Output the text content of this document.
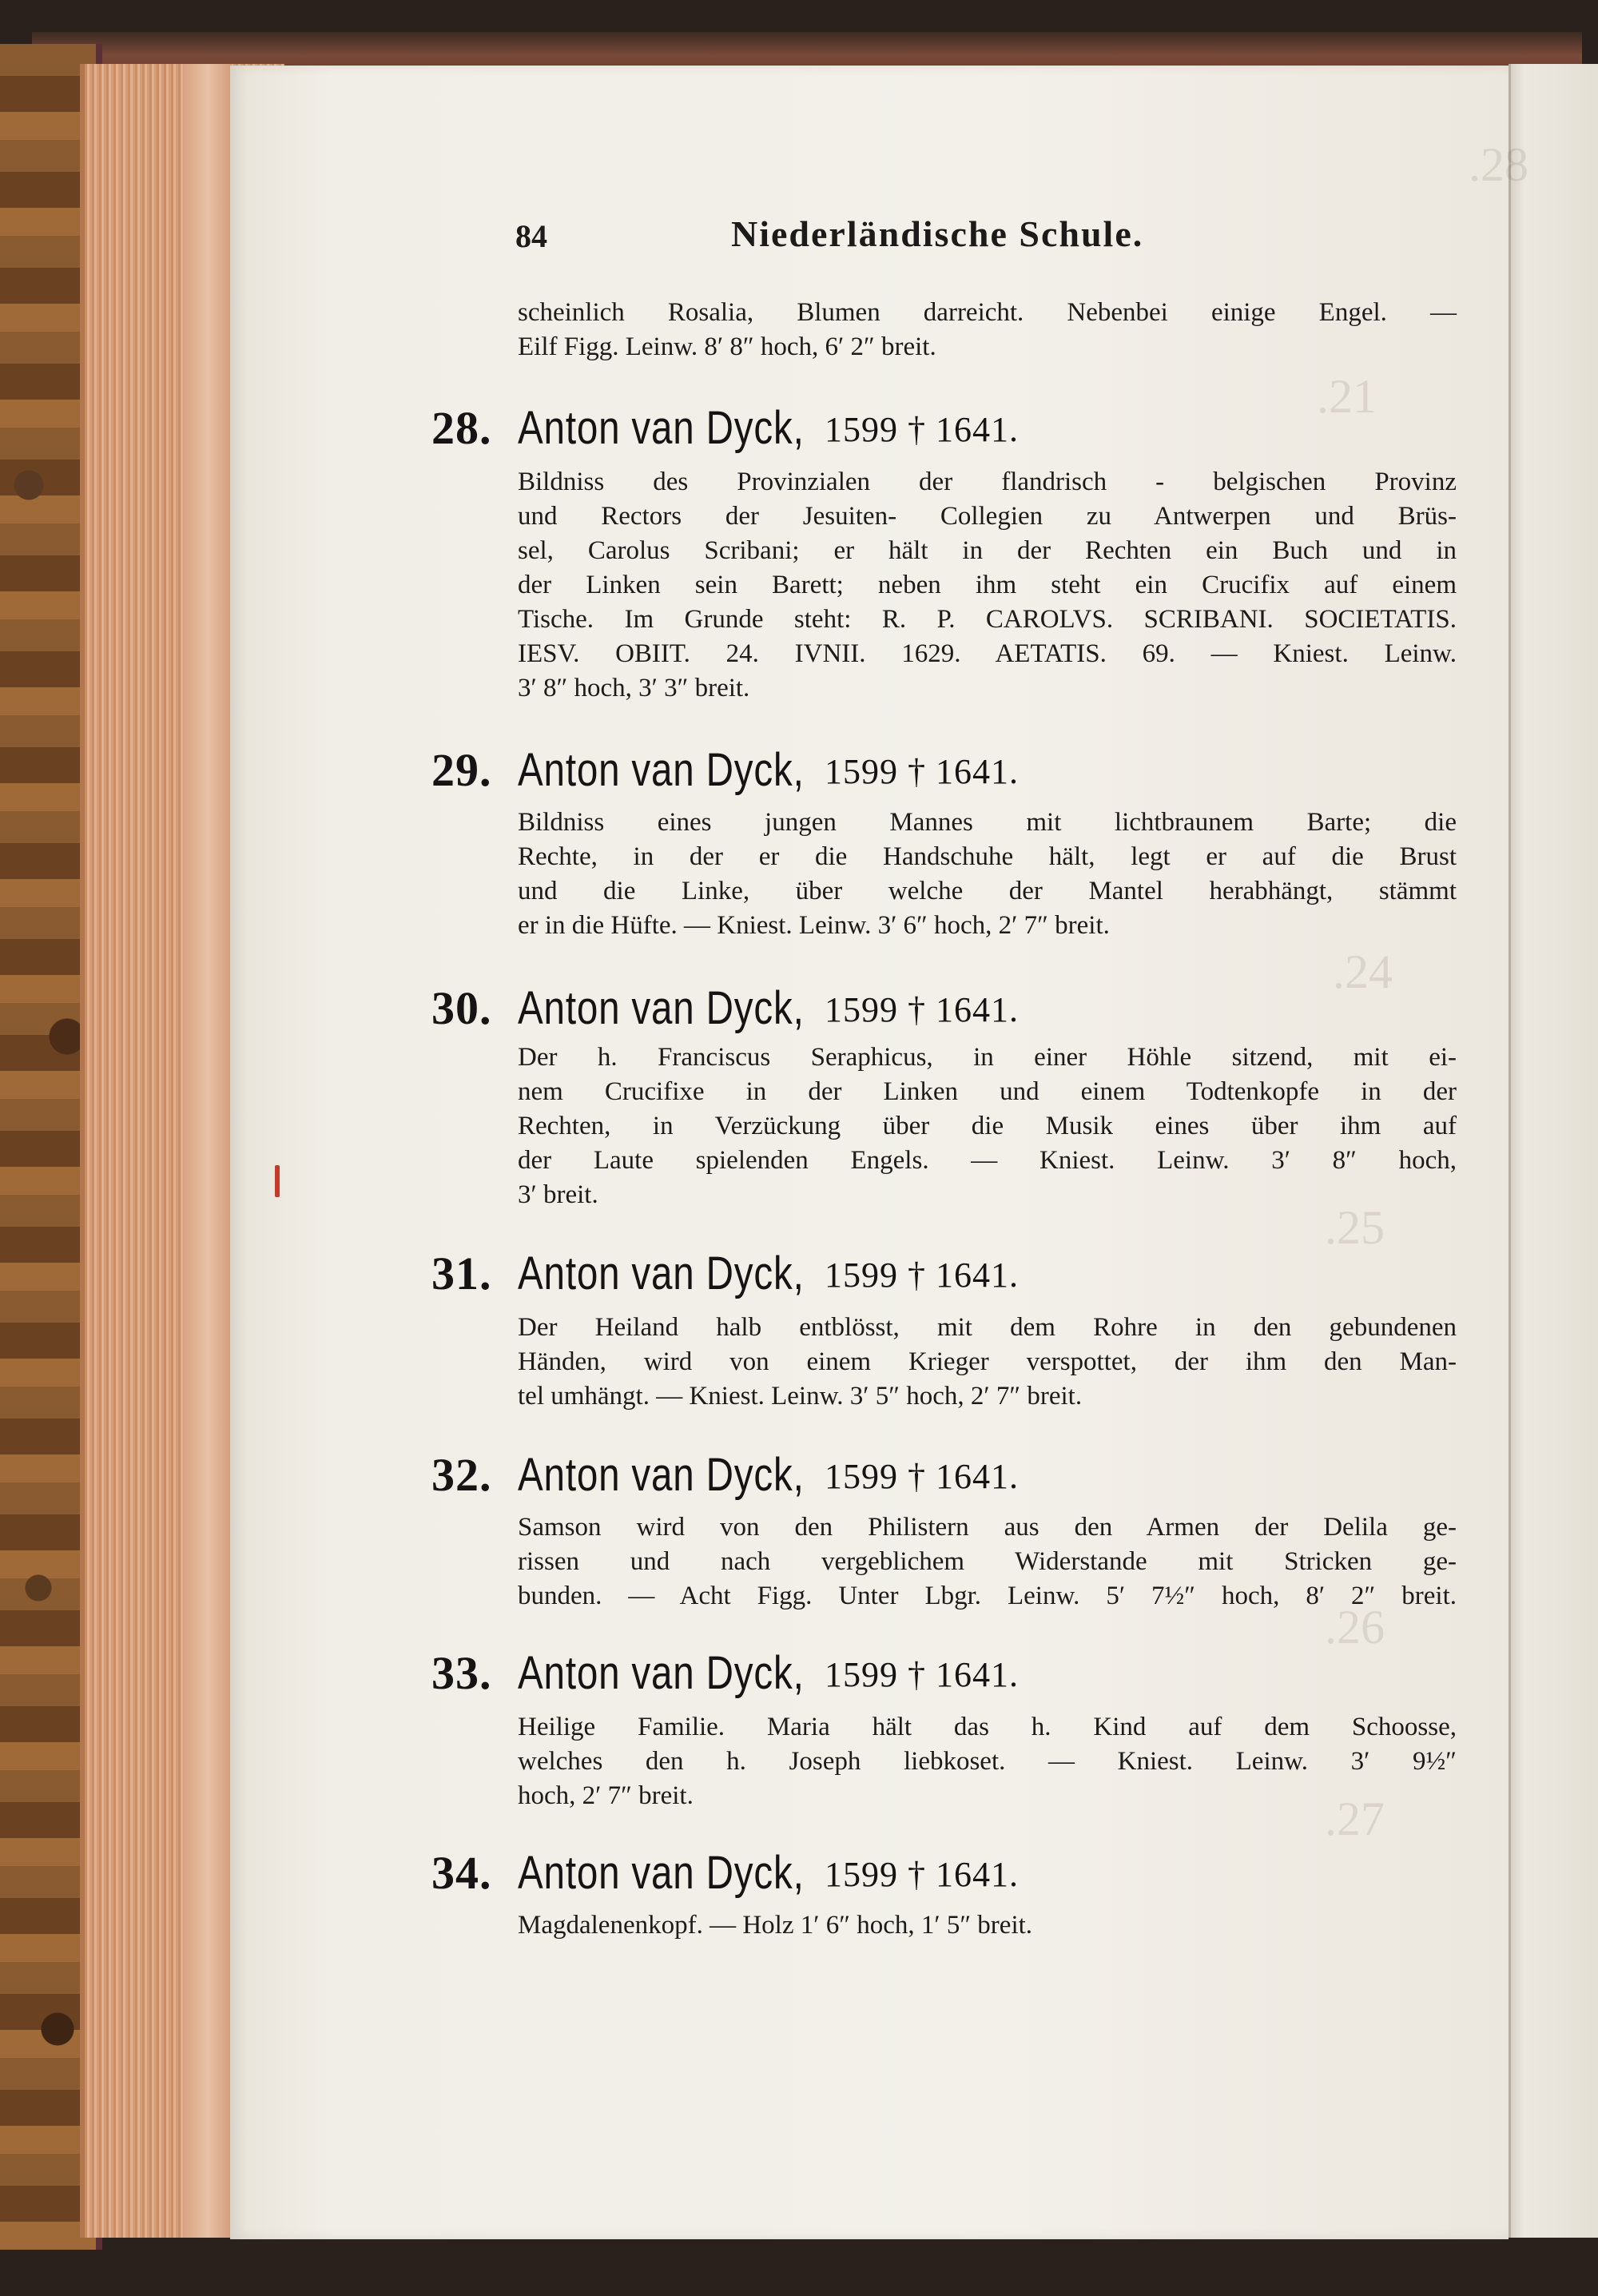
.28
.21
.24
.25
.26
.27
84	Niederländische Schule.
scheinlich Rosalia, Blumen darreicht. Nebenbei einige Engel. —
Eilf Figg. Leinw. 8′ 8″ hoch, 6′ 2″ breit.
28. Anton van Dyck, 1599 † 1641.
Bildniss des Provinzialen der flandrisch - belgischen Provinz
und Rectors der Jesuiten- Collegien zu Antwerpen und Brüs-
sel, Carolus Scribani; er hält in der Rechten ein Buch und in
der Linken sein Barett; neben ihm steht ein Crucifix auf einem
Tische. Im Grunde steht: R. P. CAROLVS. SCRIBANI. SOCIETATIS.
IESV. OBIIT. 24. IVNII. 1629. AETATIS. 69. — Kniest. Leinw.
3′ 8″ hoch, 3′ 3″ breit.
29. Anton van Dyck, 1599 † 1641.
Bildniss eines jungen Mannes mit lichtbraunem Barte; die
Rechte, in der er die Handschuhe hält, legt er auf die Brust
und die Linke, über welche der Mantel herabhängt, stämmt
er in die Hüfte. — Kniest. Leinw. 3′ 6″ hoch, 2′ 7″ breit.
30. Anton van Dyck, 1599 † 1641.
Der h. Franciscus Seraphicus, in einer Höhle sitzend, mit ei-
nem Crucifixe in der Linken und einem Todtenkopfe in der
Rechten, in Verzückung über die Musik eines über ihm auf
der Laute spielenden Engels. — Kniest. Leinw. 3′ 8″ hoch,
3′ breit.
31. Anton van Dyck, 1599 † 1641.
Der Heiland halb entblösst, mit dem Rohre in den gebundenen
Händen, wird von einem Krieger verspottet, der ihm den Man-
tel umhängt. — Kniest. Leinw. 3′ 5″ hoch, 2′ 7″ breit.
32. Anton van Dyck, 1599 † 1641.
Samson wird von den Philistern aus den Armen der Delila ge-
rissen und nach vergeblichem Widerstande mit Stricken ge-
bunden. — Acht Figg. Unter Lbgr. Leinw. 5′ 7½″ hoch, 8′ 2″ breit.
33. Anton van Dyck, 1599 † 1641.
Heilige Familie. Maria hält das h. Kind auf dem Schoosse,
welches den h. Joseph liebkoset. — Kniest. Leinw. 3′ 9½″
hoch, 2′ 7″ breit.
34. Anton van Dyck, 1599 † 1641.
Magdalenenkopf. — Holz 1′ 6″ hoch, 1′ 5″ breit.
